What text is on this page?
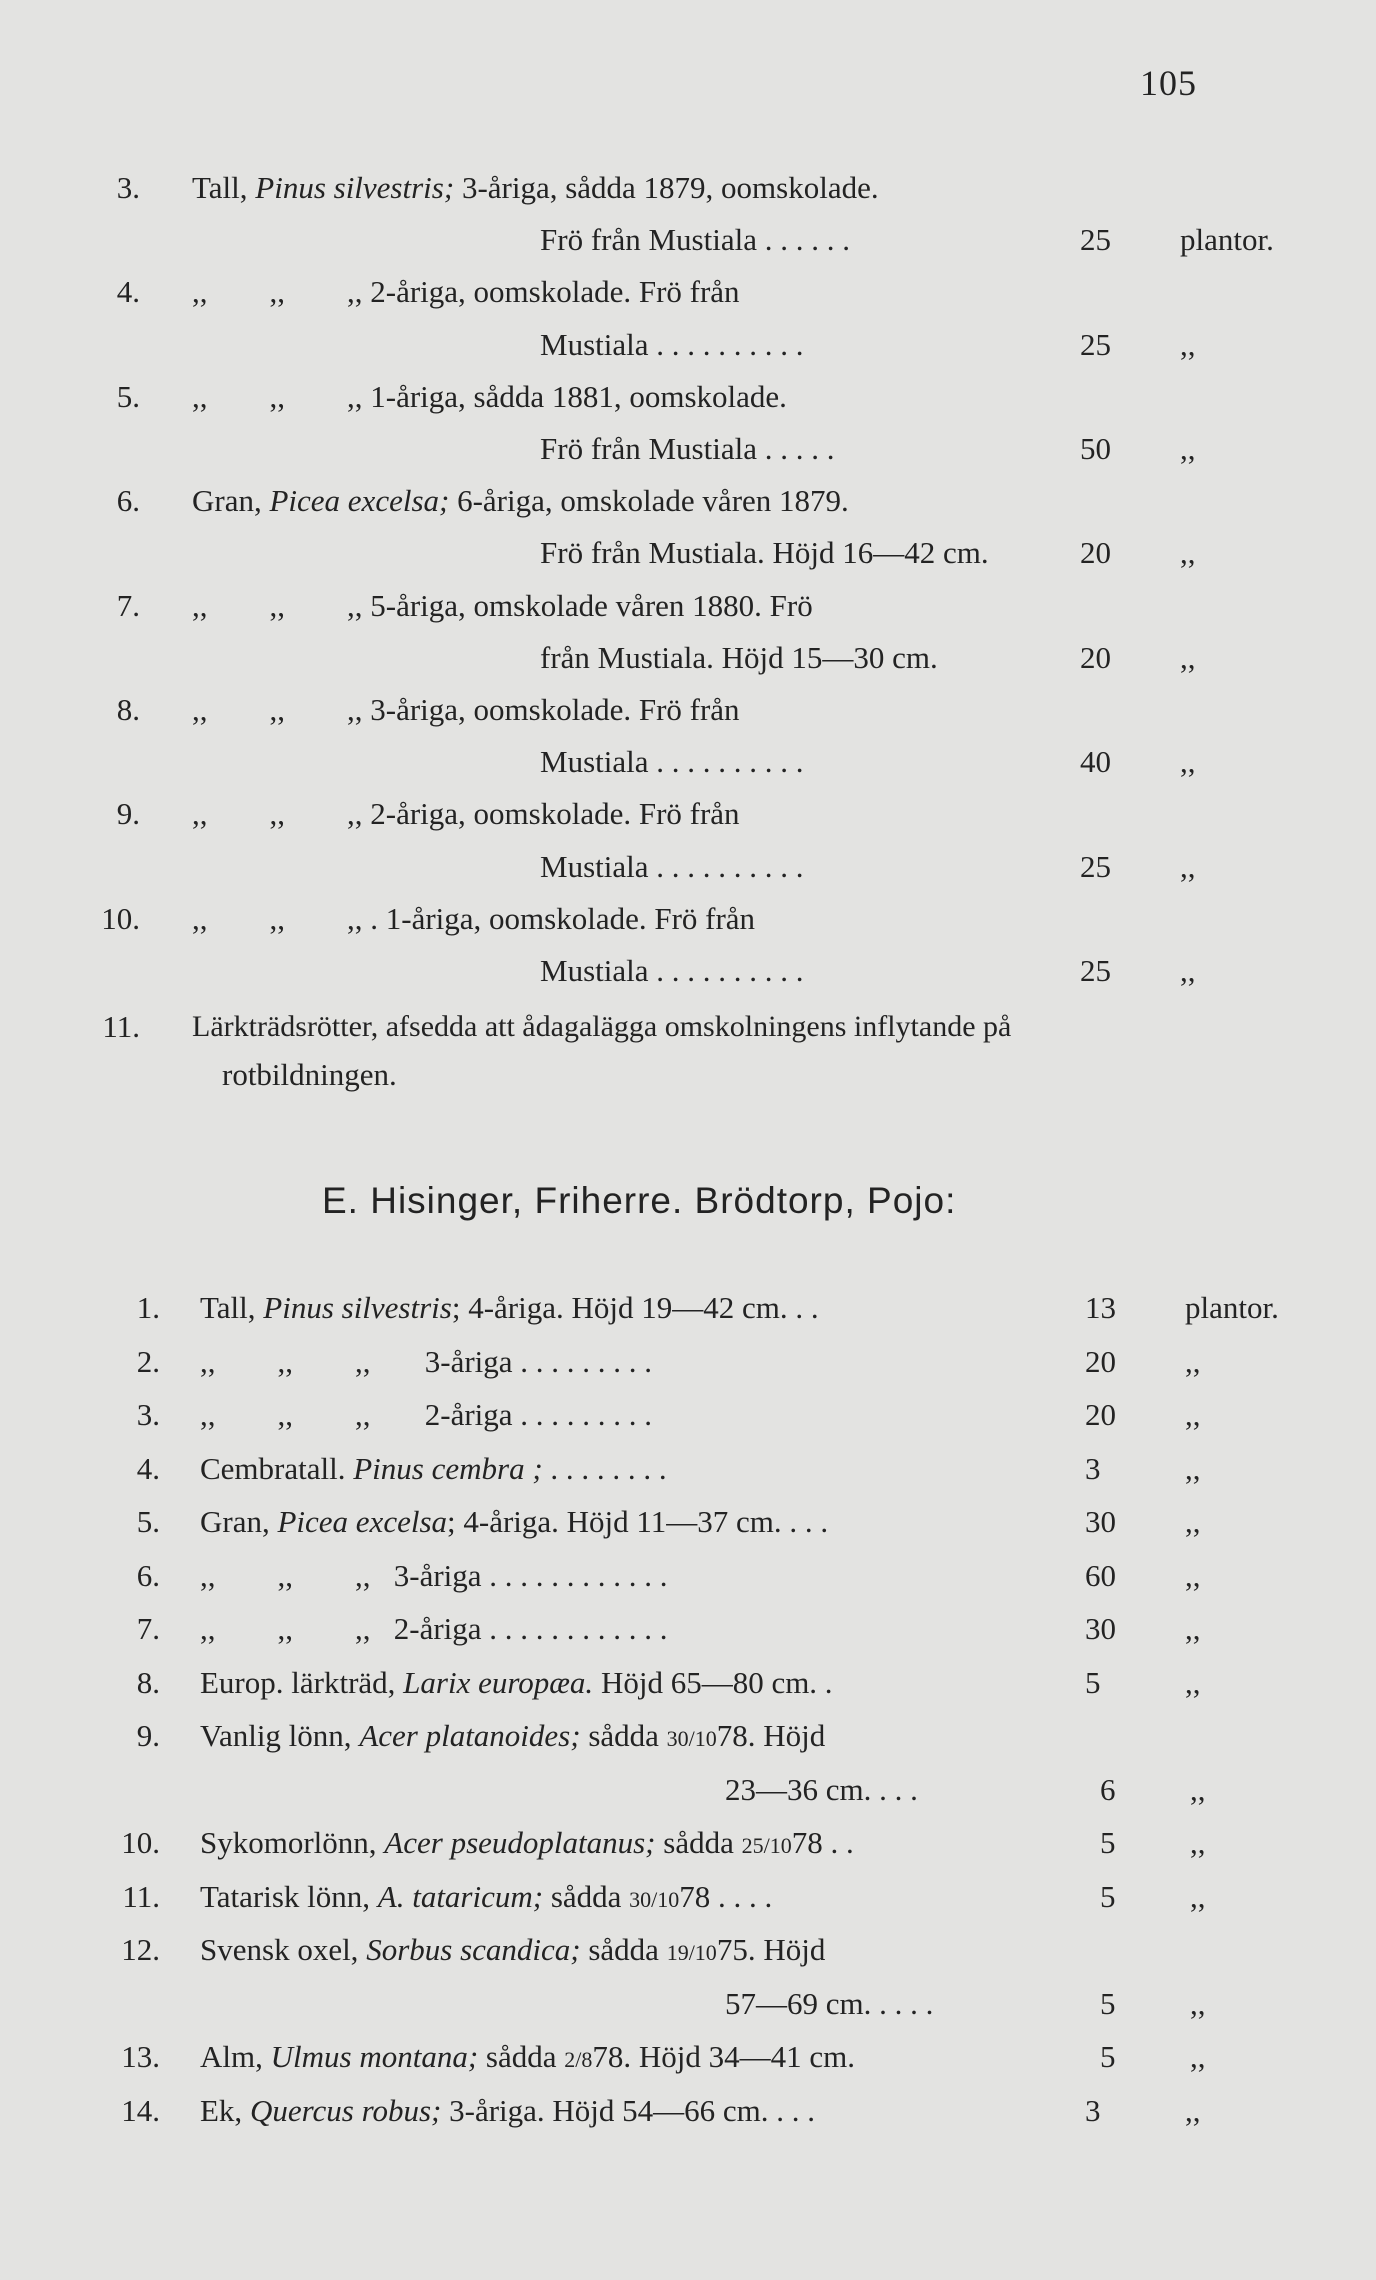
105
3. Tall, Pinus silvestris; 3-åriga, sådda 1879, oomskolade.
Frö från Mustiala . . . . . .	25 plantor.
4. ,,        ,,        ,, 2-åriga, oomskolade. Frö från
Mustiala . . . . . . . . . .	25 ,,
5. ,,        ,,        ,, 1-åriga, sådda 1881, oomskolade.
Frö från Mustiala . . . . .	50 ,,
6. Gran, Picea excelsa; 6-åriga, omskolade våren 1879.
Frö från Mustiala. Höjd 16—42 cm.	20 ,,
7. ,,        ,,        ,, 5-åriga, omskolade våren 1880. Frö
från Mustiala. Höjd 15—30 cm.	20 ,,
8. ,,        ,,        ,, 3-åriga, oomskolade. Frö från
Mustiala . . . . . . . . . .	40 ,,
9. ,,        ,,        ,, 2-åriga, oomskolade. Frö från
Mustiala . . . . . . . . . .	25 ,,
10. ,,        ,,        ,, . 1-åriga, oomskolade. Frö från
Mustiala . . . . . . . . . .	25 ,,
11. Lärkträdsrötter, afsedda att ådagalägga omskolningens inflytande på
rotbildningen.
E. Hisinger, Friherre. Brödtorp, Pojo:
1. Tall, Pinus silvestris; 4-åriga. Höjd 19—42 cm. . .	13 plantor.
2. ,,        ,,        ,,       3-åriga . . . . . . . . .	20 ,,
3. ,,        ,,        ,,       2-åriga . . . . . . . . .	20 ,,
4. Cembratall. Pinus cembra ; . . . . . . . .	3	,,
5. Gran, Picea excelsa; 4-åriga. Höjd 11—37 cm. . . .	30 ,,
6. ,,        ,,        ,,   3-åriga . . . . . . . . . . . .	60 ,,
7. ,,        ,,        ,,   2-åriga . . . . . . . . . . . .	30 ,,
8. Europ. lärkträd, Larix europæa. Höjd 65—80 cm. .	5	,,
9. Vanlig lönn, Acer platanoides; sådda 30/1078. Höjd
23—36 cm. . . .	6 ,,
10. Sykomorlönn, Acer pseudoplatanus; sådda 25/1078 . .	5 ,,
11. Tatarisk lönn, A. tataricum; sådda 30/1078 . . . .	5 ,,
12. Svensk oxel, Sorbus scandica; sådda 19/1075. Höjd
57—69 cm. . . . .	5 ,,
13. Alm, Ulmus montana; sådda 2/878. Höjd 34—41 cm.	5 ,,
14. Ek, Quercus robus; 3-åriga. Höjd 54—66 cm. . . .	3	,,
